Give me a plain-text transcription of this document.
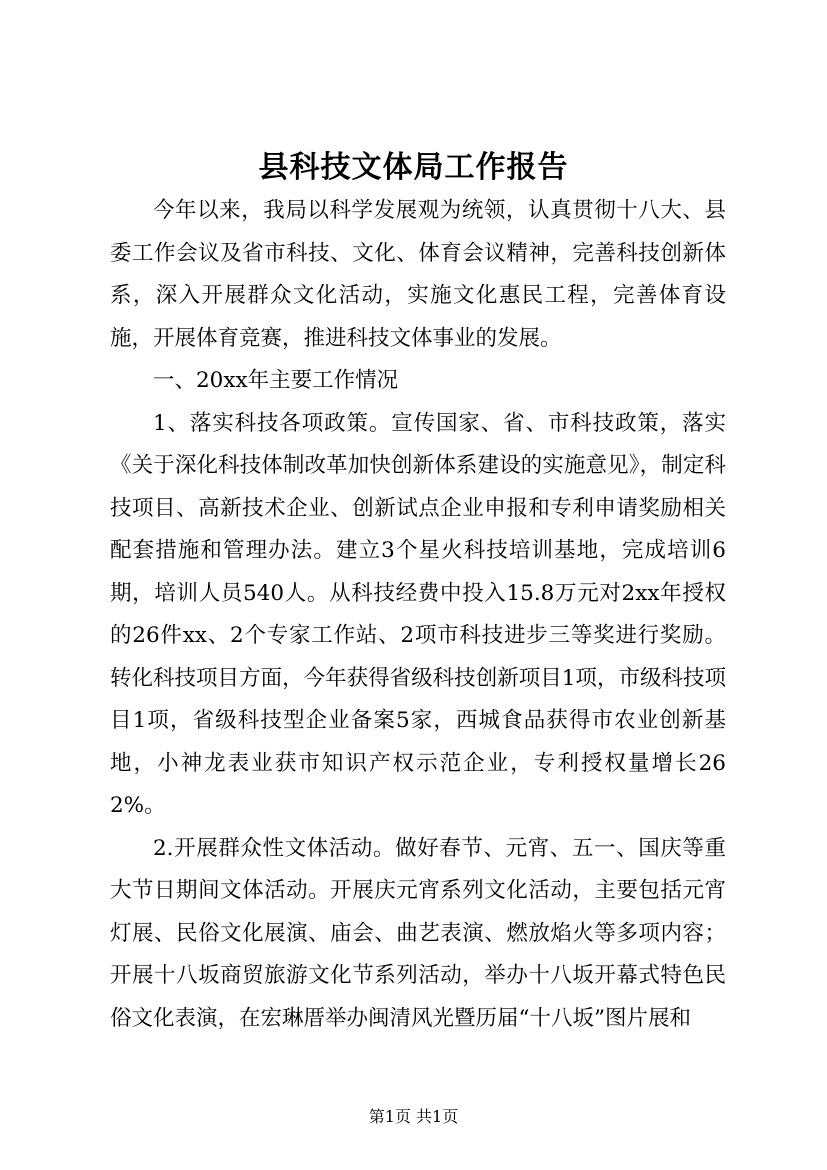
县科技文体局工作报告

今年以来，我局以科学发展观为统领，认真贯彻十八大、县委工作会议及省市科技、文化、体育会议精神，完善科技创新体系，深入开展群众文化活动，实施文化惠民工程，完善体育设施，开展体育竞赛，推进科技文体事业的发展。

一、20xx年主要工作情况

1、落实科技各项政策。宣传国家、省、市科技政策，落实《关于深化科技体制改革加快创新体系建设的实施意见》，制定科技项目、高新技术企业、创新试点企业申报和专利申请奖励相关配套措施和管理办法。建立3个星火科技培训基地，完成培训6期，培训人员540人。从科技经费中投入15.8万元对2xx年授权的26件xx、2个专家工作站、2项市科技进步三等奖进行奖励。转化科技项目方面，今年获得省级科技创新项目1项，市级科技项目1项，省级科技型企业备案5家，西城食品获得市农业创新基地，小神龙表业获市知识产权示范企业，专利授权量增长262%。

2.开展群众性文体活动。做好春节、元宵、五一、国庆等重大节日期间文体活动。开展庆元宵系列文化活动，主要包括元宵灯展、民俗文化展演、庙会、曲艺表演、燃放焰火等多项内容；开展十八坂商贸旅游文化节系列活动，举办十八坂开幕式特色民俗文化表演，在宏琳厝举办闽清风光暨历届“十八坂”图片展和

第1页 共1页
